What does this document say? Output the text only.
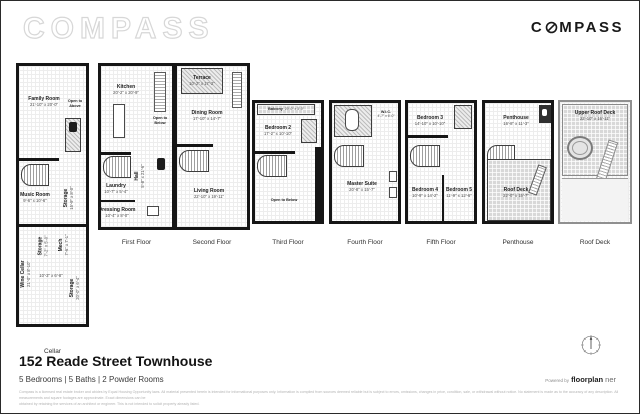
COMPASS	C MPASS
Family Room
21'-10" x 20'-0"
Open to Above
Music Room
9'-6" x 10'-6"	Storage 15'-9" x 8'-0"
Storage 7'-2" x 5'-0" Mech 7'-6" x 7'-1"
Wine Cellar 21'-0" x 8'-10" 10'-3" x 6'-8"
Storage 20'-0" x 6'-4"
Kitchen
20'-2" x 20'-9"
Open to Below
Hall 5'-8" x 21'-6"
Laundry
10'-7" x 5'-4"
Dressing Room
10'-4" x 8'-0"
Terrace
10'-2" x 17'-2"
Dining Room
17'-10" x 14'-7"
Living Room
22'-10" x 19'-11"
Balcony 20'-0" x 3'-0"
Bedroom 2
17'-2" x 10'-10"
Open to Below
W.I.C.
4'-7" x 6'-0"
Master Suite
20'-8" x 15'-7"
Bedroom 3
14'-10" x 10'-10"
Bedroom 4
10'-9" x 14'-2"
Bedroom 5
11'-9" x 12'-6"
Penthouse
16'-8" x 11'-3"
Roof Deck
22'-0" x 15'-7"
Upper Roof Deck
22'-10" x 16'-11"
Cellar
First Floor	Second Floor	Third Floor	Fourth Floor	Fifth Floor	Penthouse	Roof Deck
152 Reade Street Townhouse
5 Bedrooms | 5 Baths | 2 Powder Rooms
Compass is a licensed real estate broker and abides by Equal Housing Opportunity laws. All material presented herein is intended for informational purposes only. Information is compiled from sources deemed reliable but is subject to errors, omissions, changes in price, condition, sale, or withdrawal without notice. No statement is made as to the accuracy of any description. All measurements and square footages are approximate. Exact dimensions can be
obtained by retaining the services of an architect or engineer. This is not intended to solicit property already listed.
Powered by floorplan ner
